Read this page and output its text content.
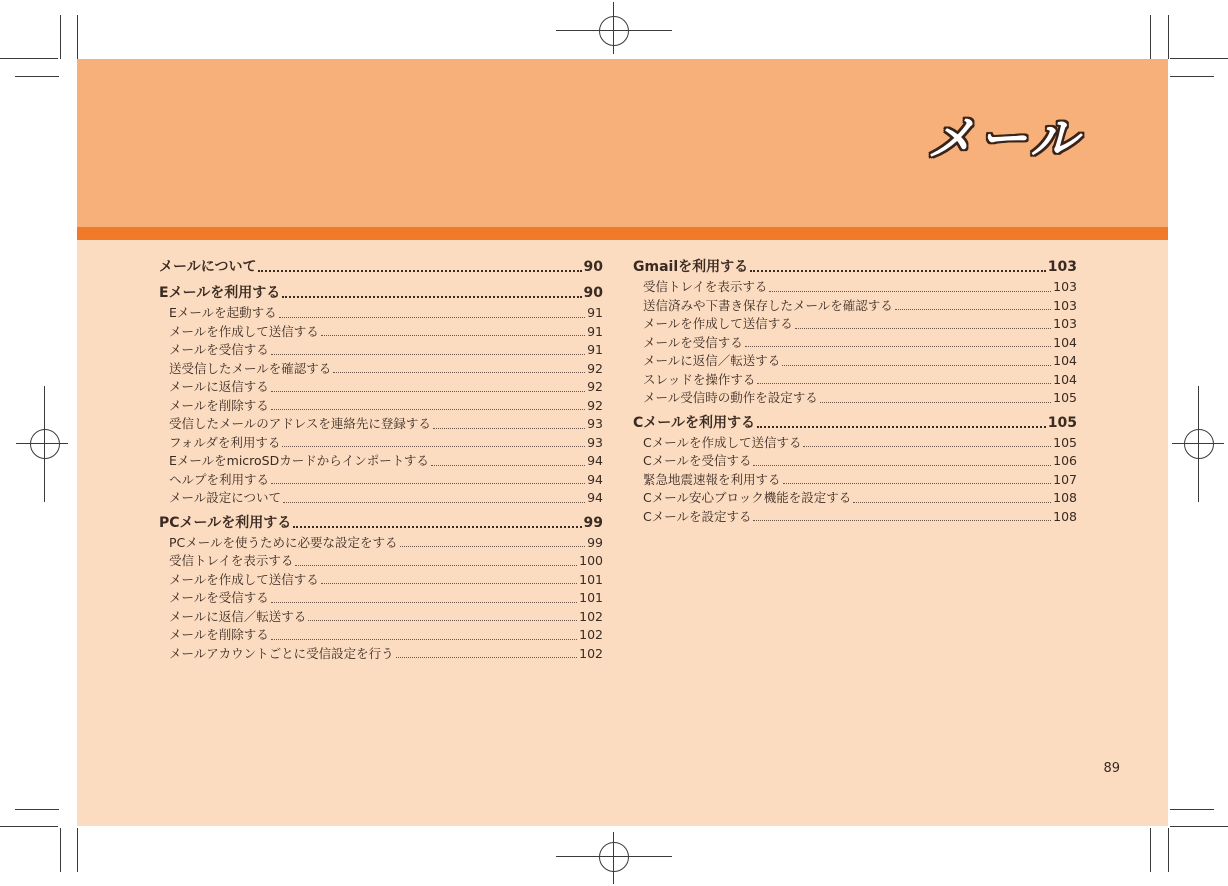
メール
メールについて	90
Eメールを利用する	90
Eメールを起動する	91
メールを作成して送信する	91
メールを受信する	91
送受信したメールを確認する	92
メールに返信する	92
メールを削除する	92
受信したメールのアドレスを連絡先に登録する	93
フォルダを利用する	93
EメールをmicroSDカードからインポートする	94
ヘルプを利用する	94
メール設定について	94
PCメールを利用する	99
PCメールを使うために必要な設定をする	99
受信トレイを表示する	100
メールを作成して送信する	101
メールを受信する	101
メールに返信／転送する	102
メールを削除する	102
メールアカウントごとに受信設定を行う	102
Gmailを利用する	103
受信トレイを表示する	103
送信済みや下書き保存したメールを確認する	103
メールを作成して送信する	103
メールを受信する	104
メールに返信／転送する	104
スレッドを操作する	104
メール受信時の動作を設定する	105
Cメールを利用する	105
Cメールを作成して送信する	105
Cメールを受信する	106
緊急地震速報を利用する	107
Cメール安心ブロック機能を設定する	108
Cメールを設定する	108
89
